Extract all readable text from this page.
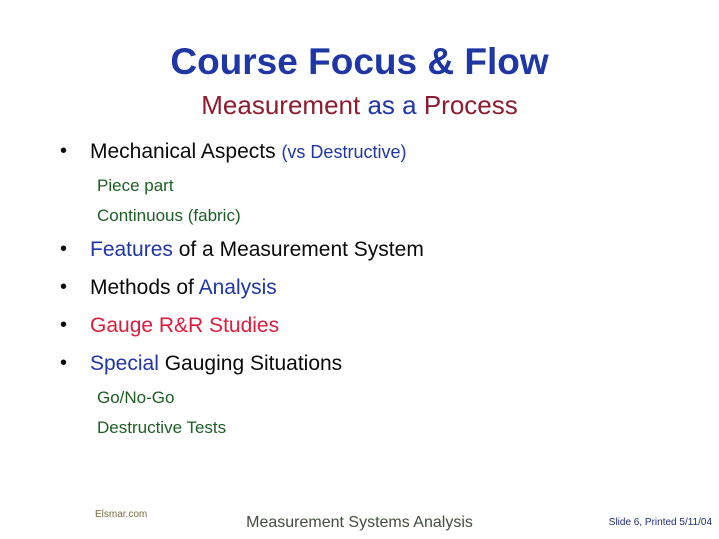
Course Focus & Flow
Measurement as a Process
•	Mechanical Aspects (vs Destructive)
Piece part
Continuous (fabric)
•	Features of a Measurement System
•	Methods of Analysis
•	Gauge R&R Studies
•	Special Gauging Situations
Go/No-Go
Destructive Tests
Elsmar.com	Measurement Systems Analysis	Slide 6, Printed 5/11/04
